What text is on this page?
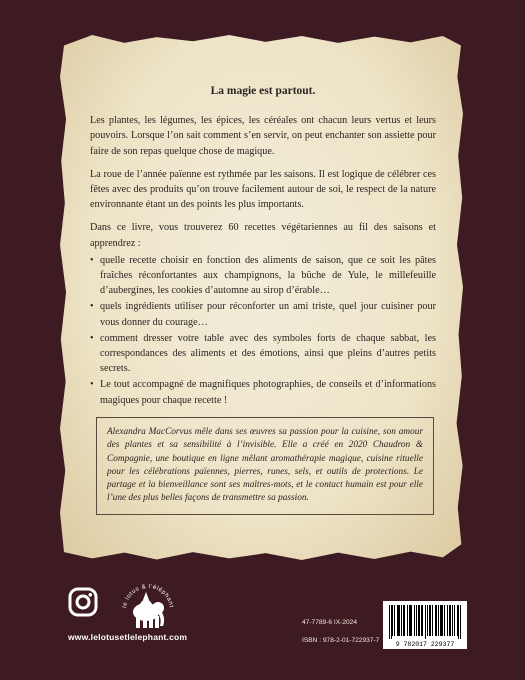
La magie est partout.

Les plantes, les légumes, les épices, les céréales ont chacun leurs vertus et leurs pouvoirs. Lorsque l’on sait comment s’en servir, on peut enchanter son assiette pour faire de son repas quelque chose de magique.

La roue de l’année païenne est rythmée par les saisons. Il est logique de célébrer ces fêtes avec des produits qu’on trouve facilement autour de soi, le respect de la nature environnante étant un des points les plus importants.

Dans ce livre, vous trouverez 60 recettes végétariennes au fil des saisons et apprendrez :

• quelle recette choisir en fonction des aliments de saison, que ce soit les pâtes fraîches réconfortantes aux champignons, la bûche de Yule, le millefeuille d’aubergines, les cookies d’automne au sirop d’érable…
• quels ingrédients utiliser pour réconforter un ami triste, quel jour cuisiner pour vous donner du courage…
• comment dresser votre table avec des symboles forts de chaque sabbat, les correspondances des aliments et des émotions, ainsi que pleins d’autres petits secrets.
• Le tout accompagné de magnifiques photographies, de conseils et d’informations magiques pour chaque recette !
Alexandra MacCorvus mêle dans ses œuvres sa passion pour la cuisine, son amour des plantes et sa sensibilité à l’invisible. Elle a créé en 2020 Chaudron & Compagnie, une boutique en ligne mêlant aromathérapie magique, cuisine rituelle pour les célébrations païennes, pierres, runes, sels, et outils de protections. Le partage et la bienveillance sont ses maîtres-mots, et le contact humain est pour elle l’une des plus belles façons de transmettre sa passion.
le lotus & l'éléphant
www.lelotusetlelephant.com
47-7789-6 IX-2024
ISBN : 978-2-01-722937-7
9 782017 229377
